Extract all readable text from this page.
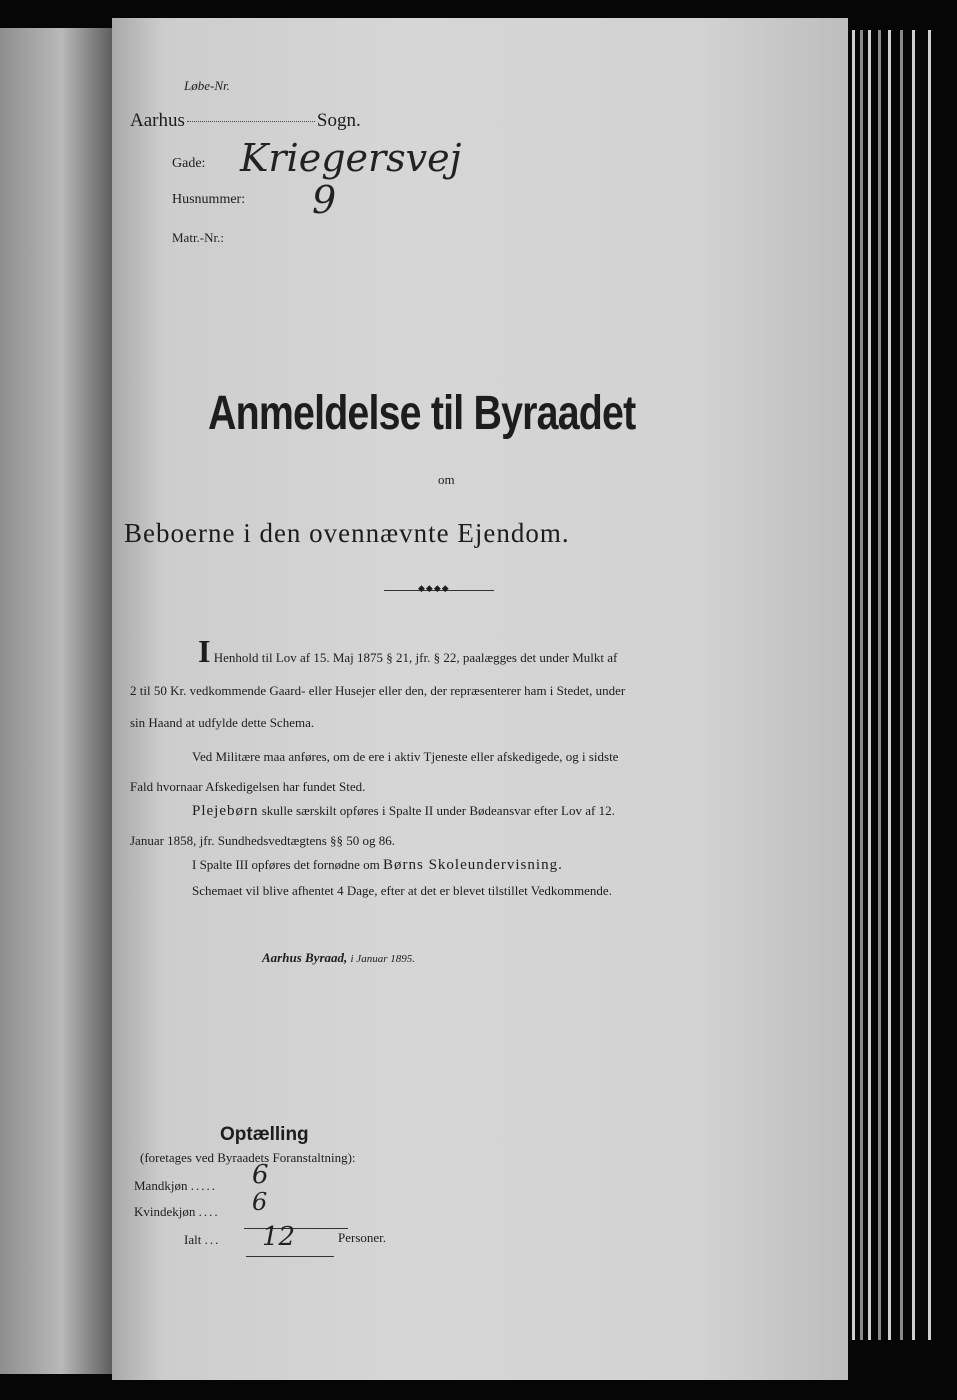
Løbe-Nr.
Aarhus	Sogn.
Gade: Kriegersvej
Husnummer: 9
Matr.-Nr.:
Anmeldelse til Byraadet
om
Beboerne i den ovennævnte Ejendom.
◆◆◆◆
I Henhold til Lov af 15. Maj 1875 § 21, jfr. § 22, paalægges det under Mulkt af
2 til 50 Kr. vedkommende Gaard- eller Husejer eller den, der repræsenterer ham i Stedet, under
sin Haand at udfylde dette Schema.
Ved Militære maa anføres, om de ere i aktiv Tjeneste eller afskedigede, og i sidste
Fald hvornaar Afskedigelsen har fundet Sted.
Plejebørn skulle særskilt opføres i Spalte II under Bødeansvar efter Lov af 12.
Januar 1858, jfr. Sundhedsvedtægtens §§ 50 og 86.
I Spalte III opføres det fornødne om Børns Skoleundervisning.
Schemaet vil blive afhentet 4 Dage, efter at det er blevet tilstillet Vedkommende.
Aarhus Byraad, i Januar 1895.
Optælling
(foretages ved Byraadets Foranstaltning):
Mandkjøn ..... 6
Kvindekjøn .... 6
Ialt ... 12	Personer.
